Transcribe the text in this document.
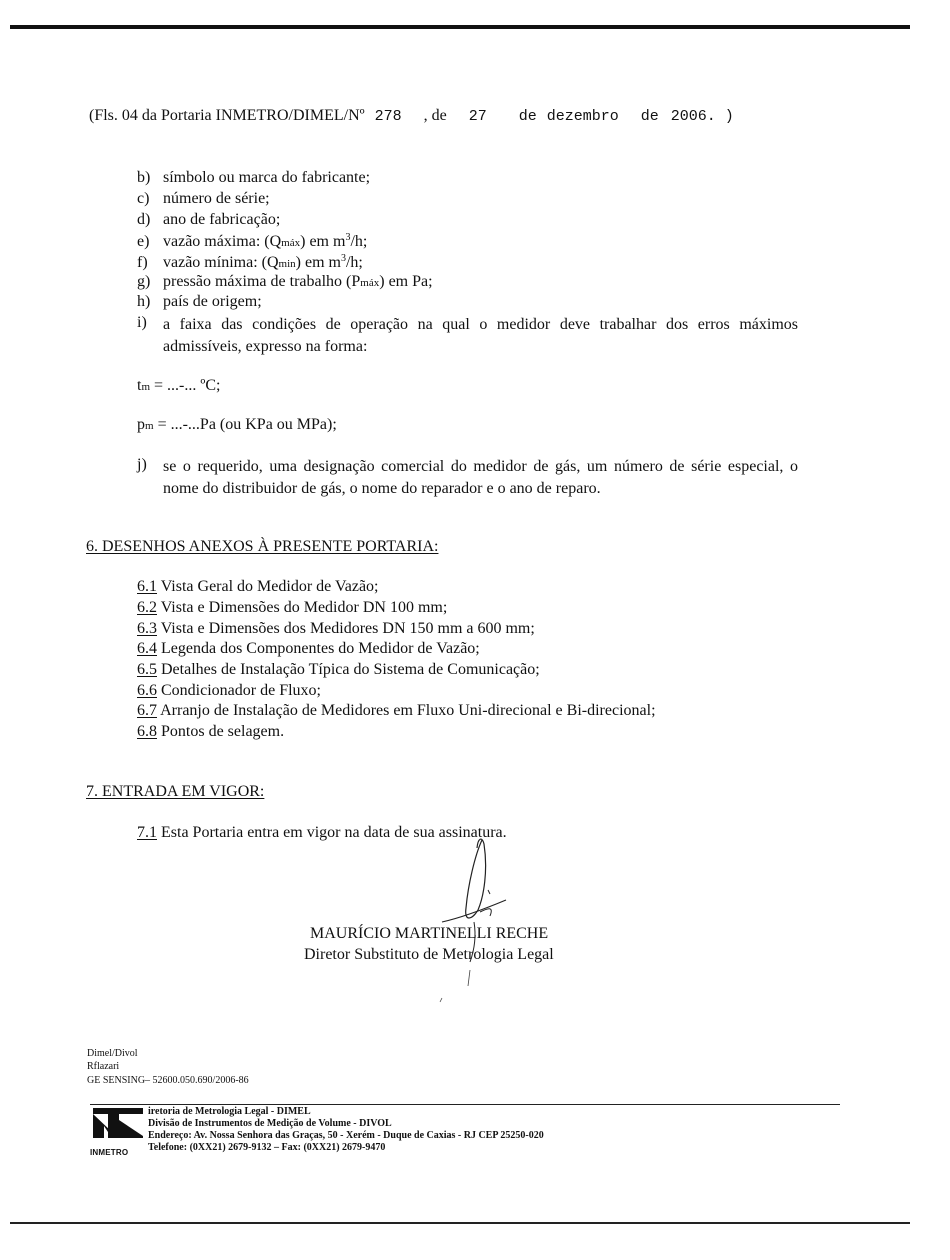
(Fls. 04 da Portaria INMETRO/DIMEL/Nº 278 , de 27 de dezembro de 2006. )
b) símbolo ou marca do fabricante;
c) número de série;
d) ano de fabricação;
e) vazão máxima: (Qmáx) em $m^3/h$;
f) vazão mínima: (Qmin) em $m^3/h$;
g) pressão máxima de trabalho (Pmáx) em Pa;
h) país de origem;
i) a faixa das condições de operação na qual o medidor deve trabalhar dos erros máximos admissíveis, expresso na forma:
tm = ...-... ºC;
pm = ...-...Pa (ou KPa ou MPa);
j) se o requerido, uma designação comercial do medidor de gás, um número de série especial, o nome do distribuidor de gás, o nome do reparador e o ano de reparo.
6. DESENHOS ANEXOS À PRESENTE PORTARIA:
6.1 Vista Geral do Medidor de Vazão;
6.2 Vista e Dimensões do Medidor DN 100 mm;
6.3 Vista e Dimensões dos Medidores DN 150 mm a 600 mm;
6.4 Legenda dos Componentes do Medidor de Vazão;
6.5 Detalhes de Instalação Típica do Sistema de Comunicação;
6.6 Condicionador de Fluxo;
6.7 Arranjo de Instalação de Medidores em Fluxo Uni-direcional e Bi-direcional;
6.8 Pontos de selagem.
7. ENTRADA EM VIGOR:
7.1 Esta Portaria entra em vigor na data de sua assinatura.
MAURÍCIO MARTINELLI RECHE
Diretor Substituto de Metrologia Legal
Dimel/Divol
Rflazari
GE SENSING– 52600.050.690/2006-86
INMETRO
iretoria de Metrologia Legal - DIMEL
Divisão de Instrumentos de Medição de Volume - DIVOL
Endereço: Av. Nossa Senhora das Graças, 50 - Xerém - Duque de Caxias - RJ CEP 25250-020
Telefone: (0XX21) 2679-9132 – Fax: (0XX21) 2679-9470
